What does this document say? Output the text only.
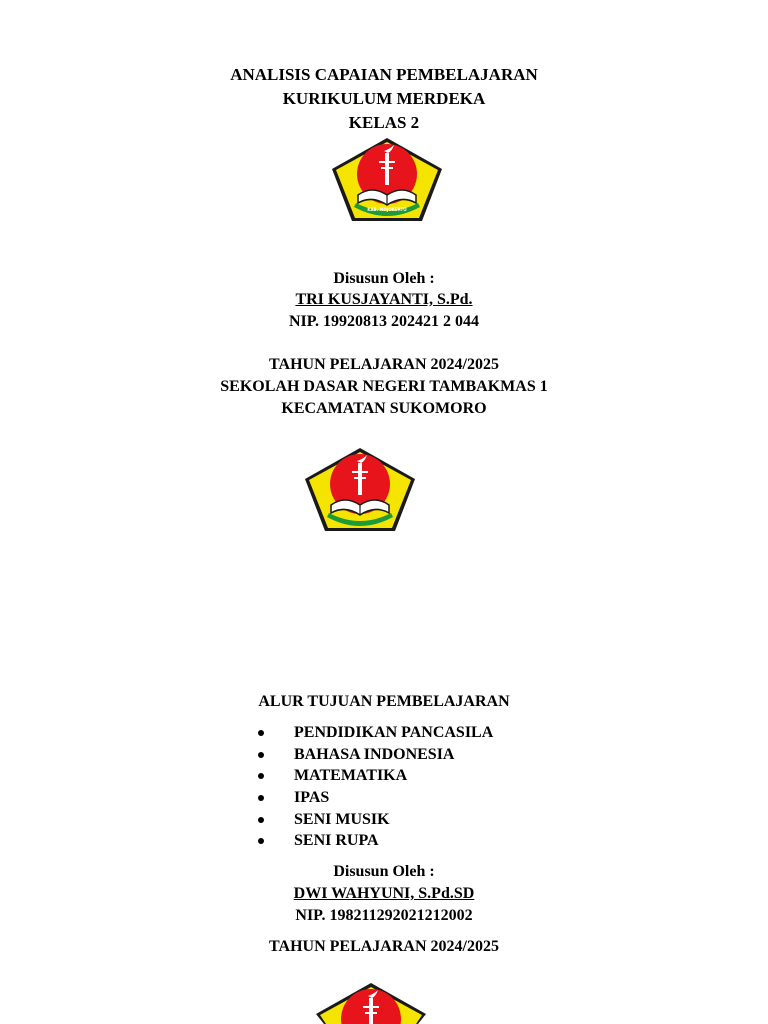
ANALISIS CAPAIAN PEMBELAJARAN
KURIKULUM MERDEKA
KELAS 2
KAB. MOJOKERTO
Disusun Oleh :
TRI KUSJAYANTI, S.Pd.
NIP. 19920813 202421 2 044
TAHUN PELAJARAN 2024/2025
SEKOLAH DASAR NEGERI TAMBAKMAS 1
KECAMATAN SUKOMORO
ALUR TUJUAN PEMBELAJARAN
PENDIDIKAN PANCASILA
BAHASA INDONESIA
MATEMATIKA
IPAS
SENI MUSIK
SENI RUPA
Disusun Oleh :
DWI WAHYUNI, S.Pd.SD
NIP. 198211292021212002
TAHUN PELAJARAN 2024/2025
